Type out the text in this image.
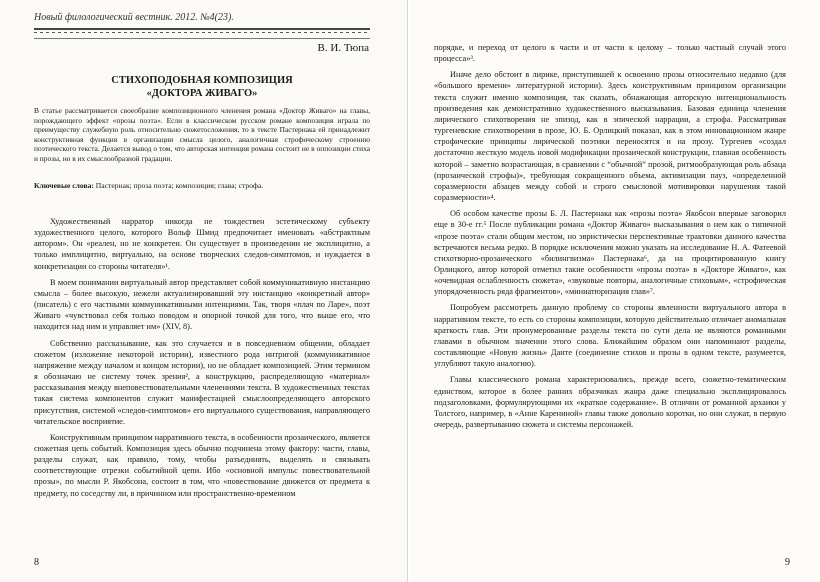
Новый филологический вестник. 2012. №4(23).
В. И. Тюпа
СТИХОПОДОБНАЯ КОМПОЗИЦИЯ
«ДОКТОРА ЖИВАГО»
В статье рассматривается своеобразие композиционного членения романа «Доктор Живаго» на главы, порождающего эффект «прозы поэта». Если в классическом русском романе композиция играла по преимуществу служебную роль относительно сюжетосложения, то в тексте Пастернака ей принадлежит конструктивная функция в организации смысла целого, аналогичная строфическому строению поэтического текста. Делается вывод о том, что авторская интенция романа состоит не в оппозиции стиха и прозы, но в их смыслообразной градации.
Ключевые слова: Пастернак; проза поэта; композиция; глава; строфа.

Художественный нарратор никогда не тождествен эстетическому субъекту художественного целого, которого Вольф Шмид предпочитает именовать «абстрактным автором». Он «реален, но не конкретен. Он существует в произведении не эксплицитно, а только имплицитно, виртуально, на основе творческих следов-симптомов, и нуждается в конкретизации со стороны читателя»¹.

В моем понимании виртуальный автор представляет собой коммуникативную инстанцию смысла – более высокую, нежели актуализировавший эту инстанцию «конкретный автор» (писатель) с его частными коммуникативными интенциями. Так, творя «плач по Ларе», поэт Живаго «чувствовал себя только поводом и опорной точкой для того, что выше его, что находится над ним и управляет им» (XIV, 8).

Собственно рассказывание, как это случается и в повседневном общении, обладает сюжетом (изложение некоторой истории), известного рода интригой (коммуникативное напряжение между началом и концом истории), но не обладает композицией. Этим термином я обозначаю не систему точек зрения², а конструкцию, распределяющую «материал» рассказывания между внеповествовательными членениями текста. В художественных текстах такая система компонентов служит манифестацией смыслоопределяющего авторского присутствия, системой «следов-симптомов» его виртуального существования, направляющего читательское восприятие.

Конструктивным принципом нарративного текста, в особенности прозаического, является сюжетная цепь событий. Композиция здесь обычно подчинена этому фактору: части, главы, разделы служат, как правило, тому, чтобы разъединять, выделять и связывать соответствующие отрезки событийной цепи. Ибо «основной импульс повествовательной прозы», по мысли Р. Якобсона, состоит в том, что «повествование движется от предмета к предмету, по соседству ли, в причинном или пространственно-временном

8

порядке, и переход от целого к части и от части к целому – только частный случай этого процесса»³.

Иначе дело обстоит в лирике, приступившей к освоению прозы относительно недавно (для «большого времени» литературной истории). Здесь конструктивным принципом организации текста служит именно композиция, так сказать, обнажающая авторскую интенциональность произведения как демонстративно художественного высказывания. Базовая единица членения лирического стихотворения не эпизод, как в эпической наррации, а строфа. Рассматривая тургеневские стихотворения в прозе, Ю. Б. Орлицкий показал, как в этом инновационном жанре строфические принципы лирической поэтики переносятся и на прозу. Тургенев «создал достаточно жесткую модель новой модификации прозаической конструкции, главная особенность которой – заметно возрастающая, в сравнении с “обычной” прозой, ритмообразующая роль абзаца (прозаической строфы)», требующая сокращенного объема, активизации пауз, «определенной соразмерности абзацев между собой и строго смысловой мотивировки нарушения такой соразмерности»⁴.

Об особом качестве прозы Б. Л. Пастернака как «прозы поэта» Якобсон впервые заговорил еще в 30-е гг.⁵ После публикации романа «Доктор Живаго» высказывания о нем как о типичной «прозе поэта» стали общим местом, но эвристически перспективные трактовки данного качества встречаются весьма редко. В порядке исключения можно указать на исследование Н. А. Фатеевой стихотворно-прозаического «билингвизма» Пастернака⁶, да на процитированную книгу Орлицкого, автор которой отметил такие особенности «прозы поэта» в «Докторе Живаго», как «очевидная ослабленность сюжета», «звуковые повторы, аналогичные стиховым», «строфическая упорядоченность ряда фрагментов», «миниатюризация глав»⁷.

Попробуем рассмотреть данную проблему со стороны явленности виртуального автора в нарративном тексте, то есть со стороны композиции, которую действительно отличает аномальная краткость глав. Эти пронумерованные разделы текста по сути дела не являются романными главами в обычном значении этого слова. Ближайшим образом они напоминают разделы, составляющие «Новую жизнь» Данте (соединение стихов и прозы в одном тексте, разумеется, углубляют такую аналогию).

Главы классического романа характеризовались, прежде всего, сюжетно-тематическим единством, которое в более ранних образчиках жанра даже специально эксплицировалось подзаголовками, формулирующими их «краткое содержание». В отличии от романной архаики у Толстого, например, в «Анне Карениной» главы также довольно коротки, но они служат, в первую очередь, развертыванию сюжета и системы персонажей.

9
